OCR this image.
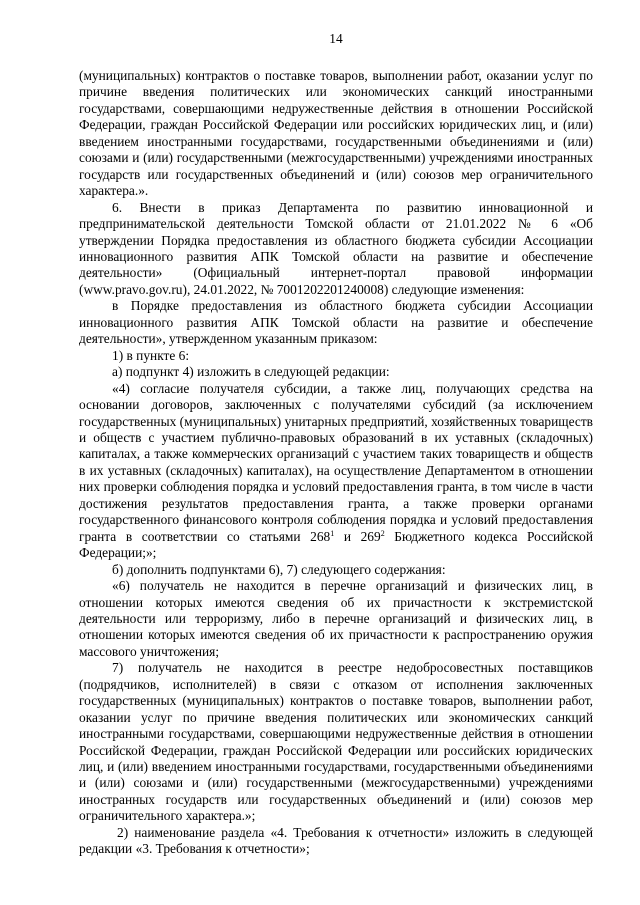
14

(муниципальных) контрактов о поставке товаров, выполнении работ, оказании услуг по причине введения политических или экономических санкций иностранными государствами, совершающими недружественные действия в отношении Российской Федерации, граждан Российской Федерации или российских юридических лиц, и (или) введением иностранными государствами, государственными объединениями и (или) союзами и (или) государственными (межгосударственными) учреждениями иностранных государств или государственных объединений и (или) союзов мер ограничительного характера.».

6. Внести в приказ Департамента по развитию инновационной и предпринимательской деятельности Томской области от 21.01.2022 № 6 «Об утверждении Порядка предоставления из областного бюджета субсидии Ассоциации инновационного развития АПК Томской области на развитие и обеспечение деятельности» (Официальный интернет-портал правовой информации (www.pravo.gov.ru), 24.01.2022, № 7001202201240008) следующие изменения:

в Порядке предоставления из областного бюджета субсидии Ассоциации инновационного развития АПК Томской области на развитие и обеспечение деятельности», утвержденном указанным приказом:

1) в пункте 6:

а) подпункт 4) изложить в следующей редакции:

«4) согласие получателя субсидии, а также лиц, получающих средства на основании договоров, заключенных с получателями субсидий (за исключением государственных (муниципальных) унитарных предприятий, хозяйственных товариществ и обществ с участием публично-правовых образований в их уставных (складочных) капиталах, а также коммерческих организаций с участием таких товариществ и обществ в их уставных (складочных) капиталах), на осуществление Департаментом в отношении них проверки соблюдения порядка и условий предоставления гранта, в том числе в части достижения результатов предоставления гранта, а также проверки органами государственного финансового контроля соблюдения порядка и условий предоставления гранта в соответствии со статьями $268^1$ и $269^2$ Бюджетного кодекса Российской Федерации;»;

б) дополнить подпунктами 6), 7) следующего содержания:

«6) получатель не находится в перечне организаций и физических лиц, в отношении которых имеются сведения об их причастности к экстремистской деятельности или терроризму, либо в перечне организаций и физических лиц, в отношении которых имеются сведения об их причастности к распространению оружия массового уничтожения;

7) получатель не находится в реестре недобросовестных поставщиков (подрядчиков, исполнителей) в связи с отказом от исполнения заключенных государственных (муниципальных) контрактов о поставке товаров, выполнении работ, оказании услуг по причине введения политических или экономических санкций иностранными государствами, совершающими недружественные действия в отношении Российской Федерации, граждан Российской Федерации или российских юридических лиц, и (или) введением иностранными государствами, государственными объединениями и (или) союзами и (или) государственными (межгосударственными) учреждениями иностранных государств или государственных объединений и (или) союзов мер ограничительного характера.»;

2) наименование раздела «4. Требования к отчетности» изложить в следующей редакции «3. Требования к отчетности»;
